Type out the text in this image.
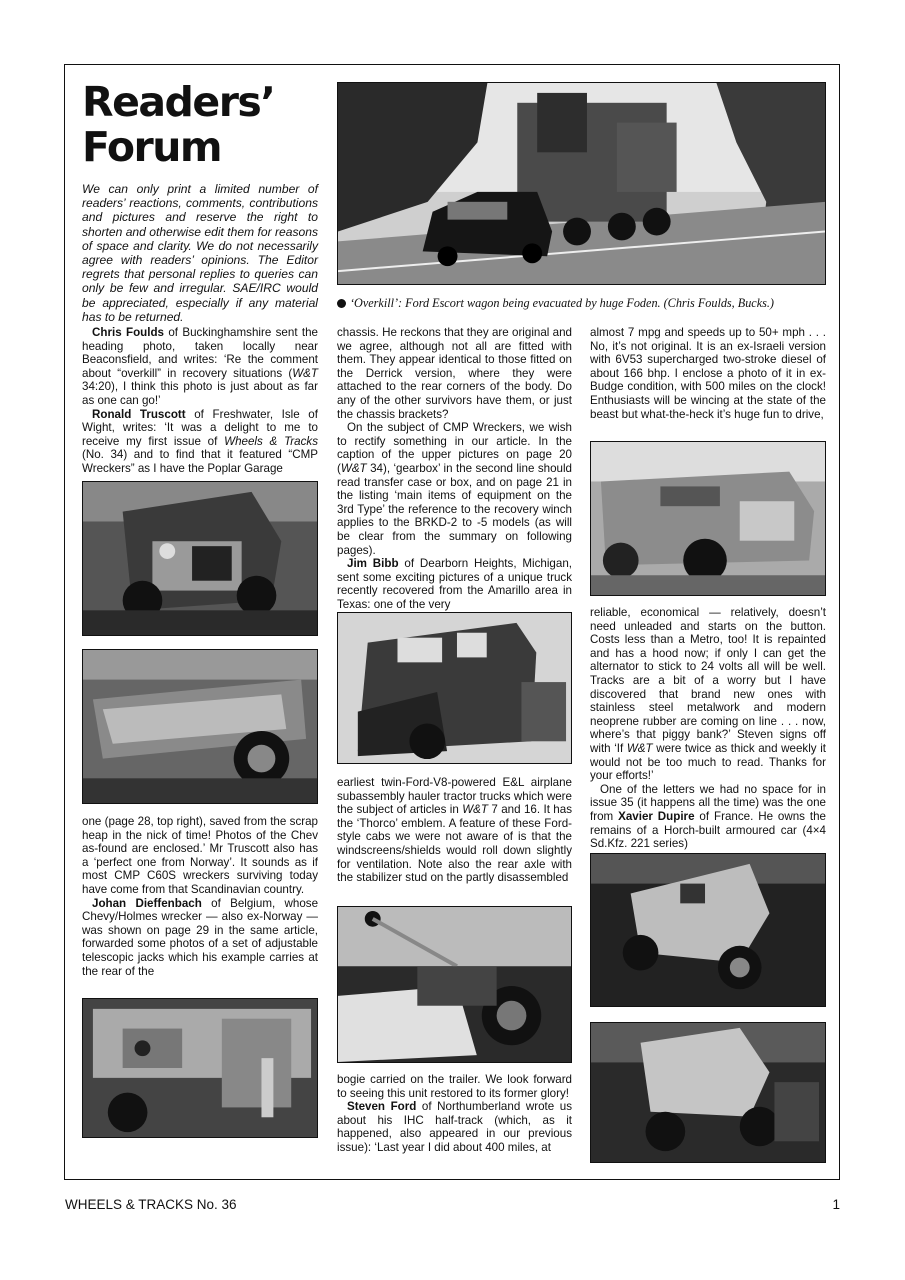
Readers’
Forum
We can only print a limited number of readers’ reactions, comments, contributions and pictures and reserve the right to shorten and otherwise edit them for reasons of space and clarity. We do not necessarily agree with readers’ opinions. The Editor regrets that personal replies to queries can only be few and irregular. SAE/IRC would be appreciated, especially if any material has to be returned.
‘Overkill’: Ford Escort wagon being evacuated by huge Foden. (Chris Foulds, Bucks.)

Chris Foulds of Buckinghamshire sent the heading photo, taken locally near Beaconsfield, and writes: ‘Re the comment about “overkill” in recovery situations (W&T 34:20), I think this photo is just about as far as one can go!’

Ronald Truscott of Freshwater, Isle of Wight, writes: ‘It was a delight to me to receive my first issue of Wheels & Tracks (No. 34) and to find that it featured “CMP Wreckers” as I have the Poplar Garage

one (page 28, top right), saved from the scrap heap in the nick of time! Photos of the Chev as-found are enclosed.’ Mr Truscott also has a ‘perfect one from Norway’. It sounds as if most CMP C60S wreckers surviving today have come from that Scandinavian country.

Johan Dieffenbach of Belgium, whose Chevy/Holmes wrecker — also ex-Norway — was shown on page 29 in the same article, forwarded some photos of a set of adjustable telescopic jacks which his example carries at the rear of the

chassis. He reckons that they are original and we agree, although not all are fitted with them. They appear identical to those fitted on the Derrick version, where they were attached to the rear corners of the body. Do any of the other survivors have them, or just the chassis brackets?

On the subject of CMP Wreckers, we wish to rectify something in our article. In the caption of the upper pictures on page 20 (W&T 34), ‘gearbox’ in the second line should read transfer case or box, and on page 21 in the listing ‘main items of equipment on the 3rd Type’ the reference to the recovery winch applies to the BRKD-2 to -5 models (as will be clear from the summary on following pages).

Jim Bibb of Dearborn Heights, Michigan, sent some exciting pictures of a unique truck recently recovered from the Amarillo area in Texas: one of the very

earliest twin-Ford-V8-powered E&L airplane subassembly hauler tractor trucks which were the subject of articles in W&T 7 and 16. It has the ‘Thorco’ emblem. A feature of these Ford-style cabs we were not aware of is that the windscreens/shields would roll down slightly for ventilation. Note also the rear axle with the stabilizer stud on the partly disassembled

bogie carried on the trailer. We look forward to seeing this unit restored to its former glory!

Steven Ford of Northumberland wrote us about his IHC half-track (which, as it happened, also appeared in our previous issue): ‘Last year I did about 400 miles, at

almost 7 mpg and speeds up to 50+ mph . . . No, it’s not original. It is an ex-Israeli version with 6V53 supercharged two-stroke diesel of about 166 bhp. I enclose a photo of it in ex-Budge condition, with 500 miles on the clock! Enthusiasts will be wincing at the state of the beast but what-the-heck it’s huge fun to drive,

reliable, economical — relatively, doesn’t need unleaded and starts on the button. Costs less than a Metro, too! It is repainted and has a hood now; if only I can get the alternator to stick to 24 volts all will be well. Tracks are a bit of a worry but I have discovered that brand new ones with stainless steel metalwork and modern neoprene rubber are coming on line . . . now, where’s that piggy bank?’ Steven signs off with ‘If W&T were twice as thick and weekly it would not be too much to read. Thanks for your efforts!’

One of the letters we had no space for in issue 35 (it happens all the time) was the one from Xavier Dupire of France. He owns the remains of a Horch-built armoured car (4×4 Sd.Kfz. 221 series)

WHEELS & TRACKS No. 36	1
